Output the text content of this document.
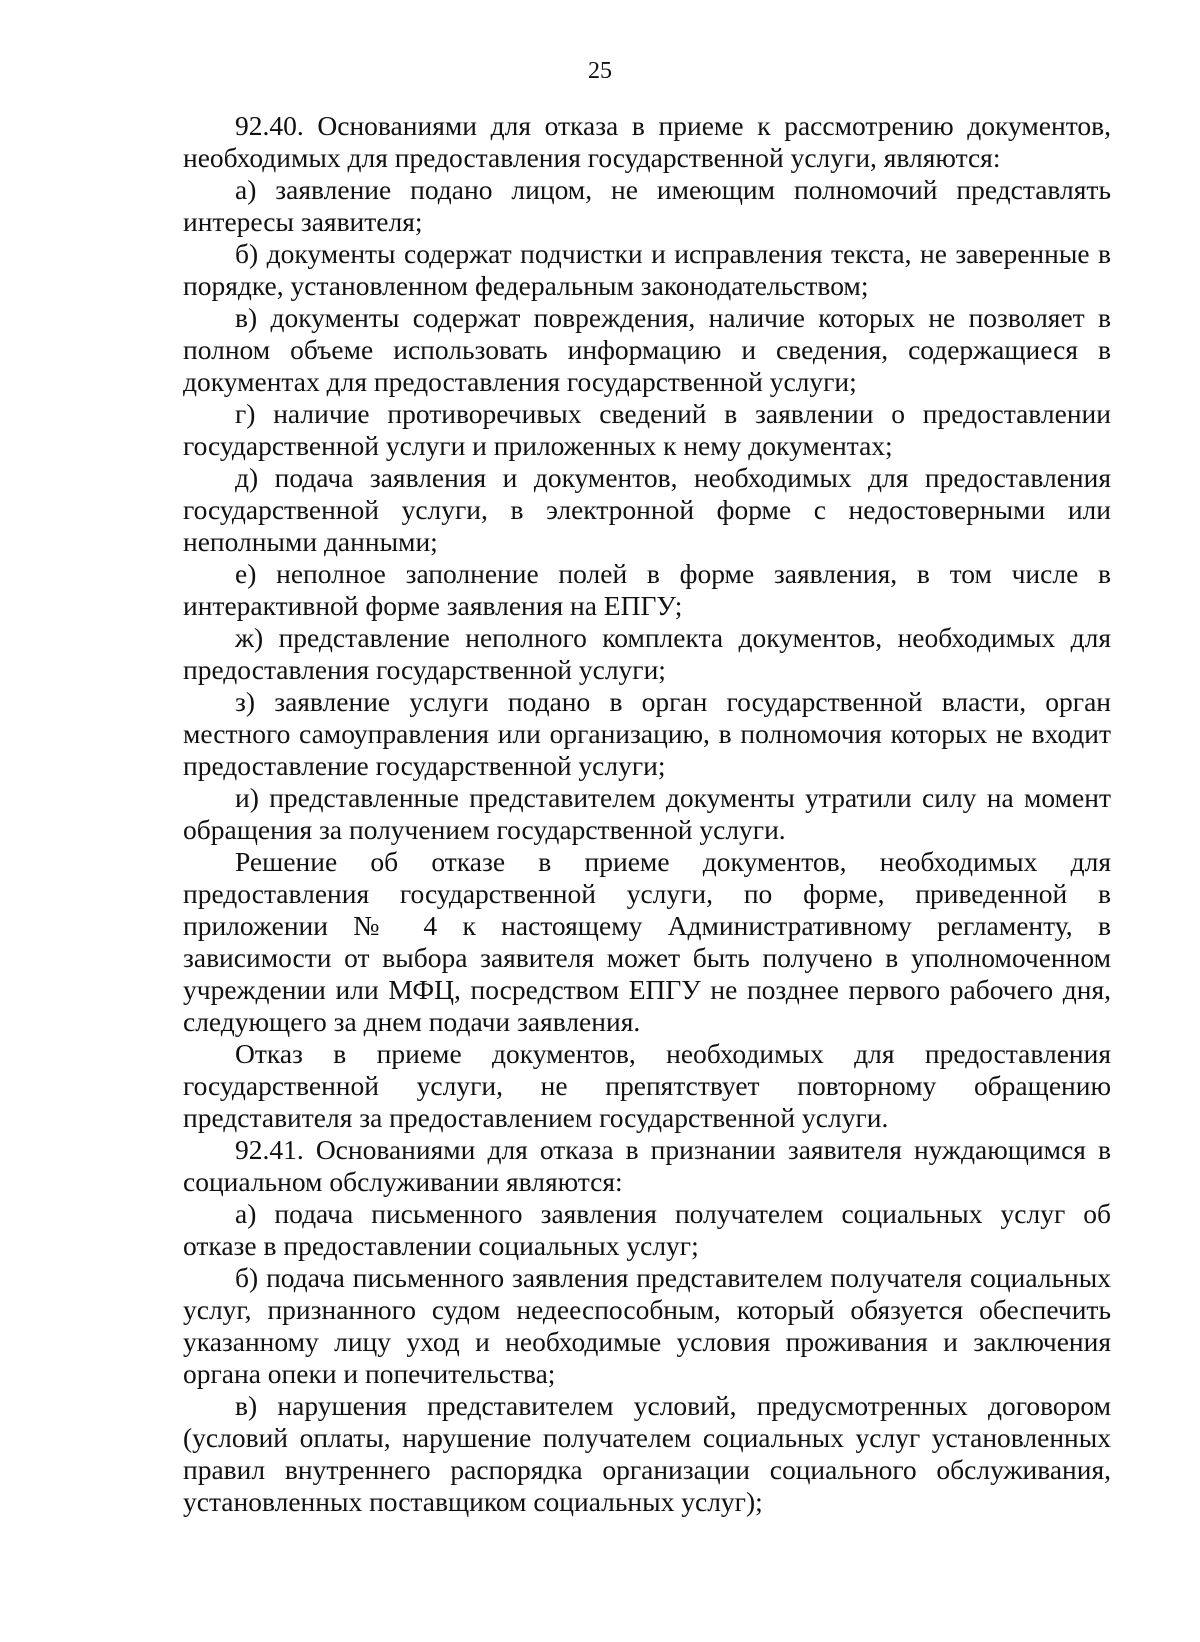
25

92.40. Основаниями для отказа в приеме к рассмотрению документов, необходимых для предоставления государственной услуги, являются:

а) заявление подано лицом, не имеющим полномочий представлять интересы заявителя;

б) документы содержат подчистки и исправления текста, не заверенные в порядке, установленном федеральным законодательством;

в) документы содержат повреждения, наличие которых не позволяет в полном объеме использовать информацию и сведения, содержащиеся в документах для предоставления государственной услуги;

г) наличие противоречивых сведений в заявлении о предоставлении государственной услуги и приложенных к нему документах;

д) подача заявления и документов, необходимых для предоставления государственной услуги, в электронной форме с недостоверными или неполными данными;

е) неполное заполнение полей в форме заявления, в том числе в интерактивной форме заявления на ЕПГУ;

ж) представление неполного комплекта документов, необходимых для предоставления государственной услуги;

з) заявление услуги подано в орган государственной власти, орган местного самоуправления или организацию, в полномочия которых не входит предоставление государственной услуги;

и) представленные представителем документы утратили силу на момент обращения за получением государственной услуги.

Решение об отказе в приеме документов, необходимых для предоставления государственной услуги, по форме, приведенной в приложении № 4 к настоящему Административному регламенту, в зависимости от выбора заявителя может быть получено в уполномоченном учреждении или МФЦ, посредством ЕПГУ не позднее первого рабочего дня, следующего за днем подачи заявления.

Отказ в приеме документов, необходимых для предоставления государственной услуги, не препятствует повторному обращению представителя за предоставлением государственной услуги.

92.41. Основаниями для отказа в признании заявителя нуждающимся в социальном обслуживании являются:

а) подача письменного заявления получателем социальных услуг об отказе в предоставлении социальных услуг;

б) подача письменного заявления представителем получателя социальных услуг, признанного судом недееспособным, который обязуется обеспечить указанному лицу уход и необходимые условия проживания и заключения органа опеки и попечительства;

в) нарушения представителем условий, предусмотренных договором (условий оплаты, нарушение получателем социальных услуг установленных правил внутреннего распорядка организации социального обслуживания, установленных поставщиком социальных услуг);
